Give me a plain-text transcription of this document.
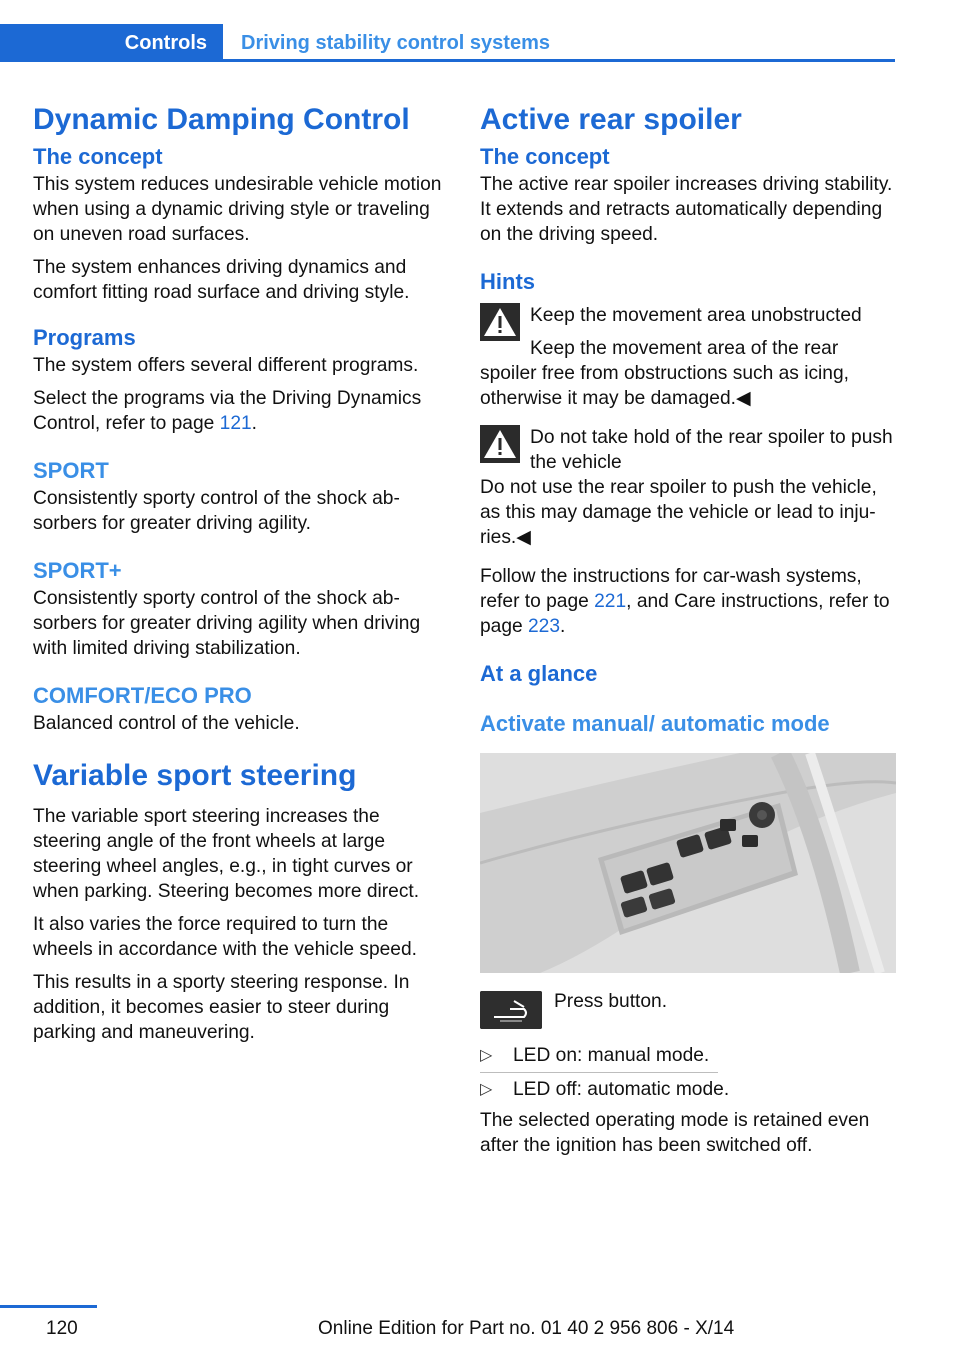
Controls	Driving stability control systems
Dynamic Damping Control
The concept

This system reduces undesirable vehicle motion when using a dynamic driving style or traveling on uneven road surfaces.

The system enhances driving dynamics and comfort fitting road surface and driving style.

Programs

The system offers several different programs.

Select the programs via the Driving Dynamics Control, refer to page 121.

SPORT

Consistently sporty control of the shock absorbers for greater driving agility.

SPORT+

Consistently sporty control of the shock absorbers for greater driving agility when driving with limited driving stabilization.

COMFORT/ECO PRO

Balanced control of the vehicle.

Variable sport steering

The variable sport steering increases the steering angle of the front wheels at large steering wheel angles, e.g., in tight curves or when parking. Steering becomes more direct.

It also varies the force required to turn the wheels in accordance with the vehicle speed.

This results in a sporty steering response. In addition, it becomes easier to steer during parking and maneuvering.

Active rear spoiler
The concept

The active rear spoiler increases driving stability. It extends and retracts automatically depending on the driving speed.

Hints
Keep the movement area unobstructed

Keep the movement area of the rear spoiler free from obstructions such as icing, otherwise it may be damaged.◀

Do not take hold of the rear spoiler to push the vehicle

Do not use the rear spoiler to push the vehicle, as this may damage the vehicle or lead to injuries.◀

Follow the instructions for car-wash systems, refer to page 221, and Care instructions, refer to page 223.

At a glance
Activate manual/ automatic mode
Press button.
▷ LED on: manual mode.
▷ LED off: automatic mode.

The selected operating mode is retained even after the ignition has been switched off.

120	Online Edition for Part no. 01 40 2 956 806 - X/14
